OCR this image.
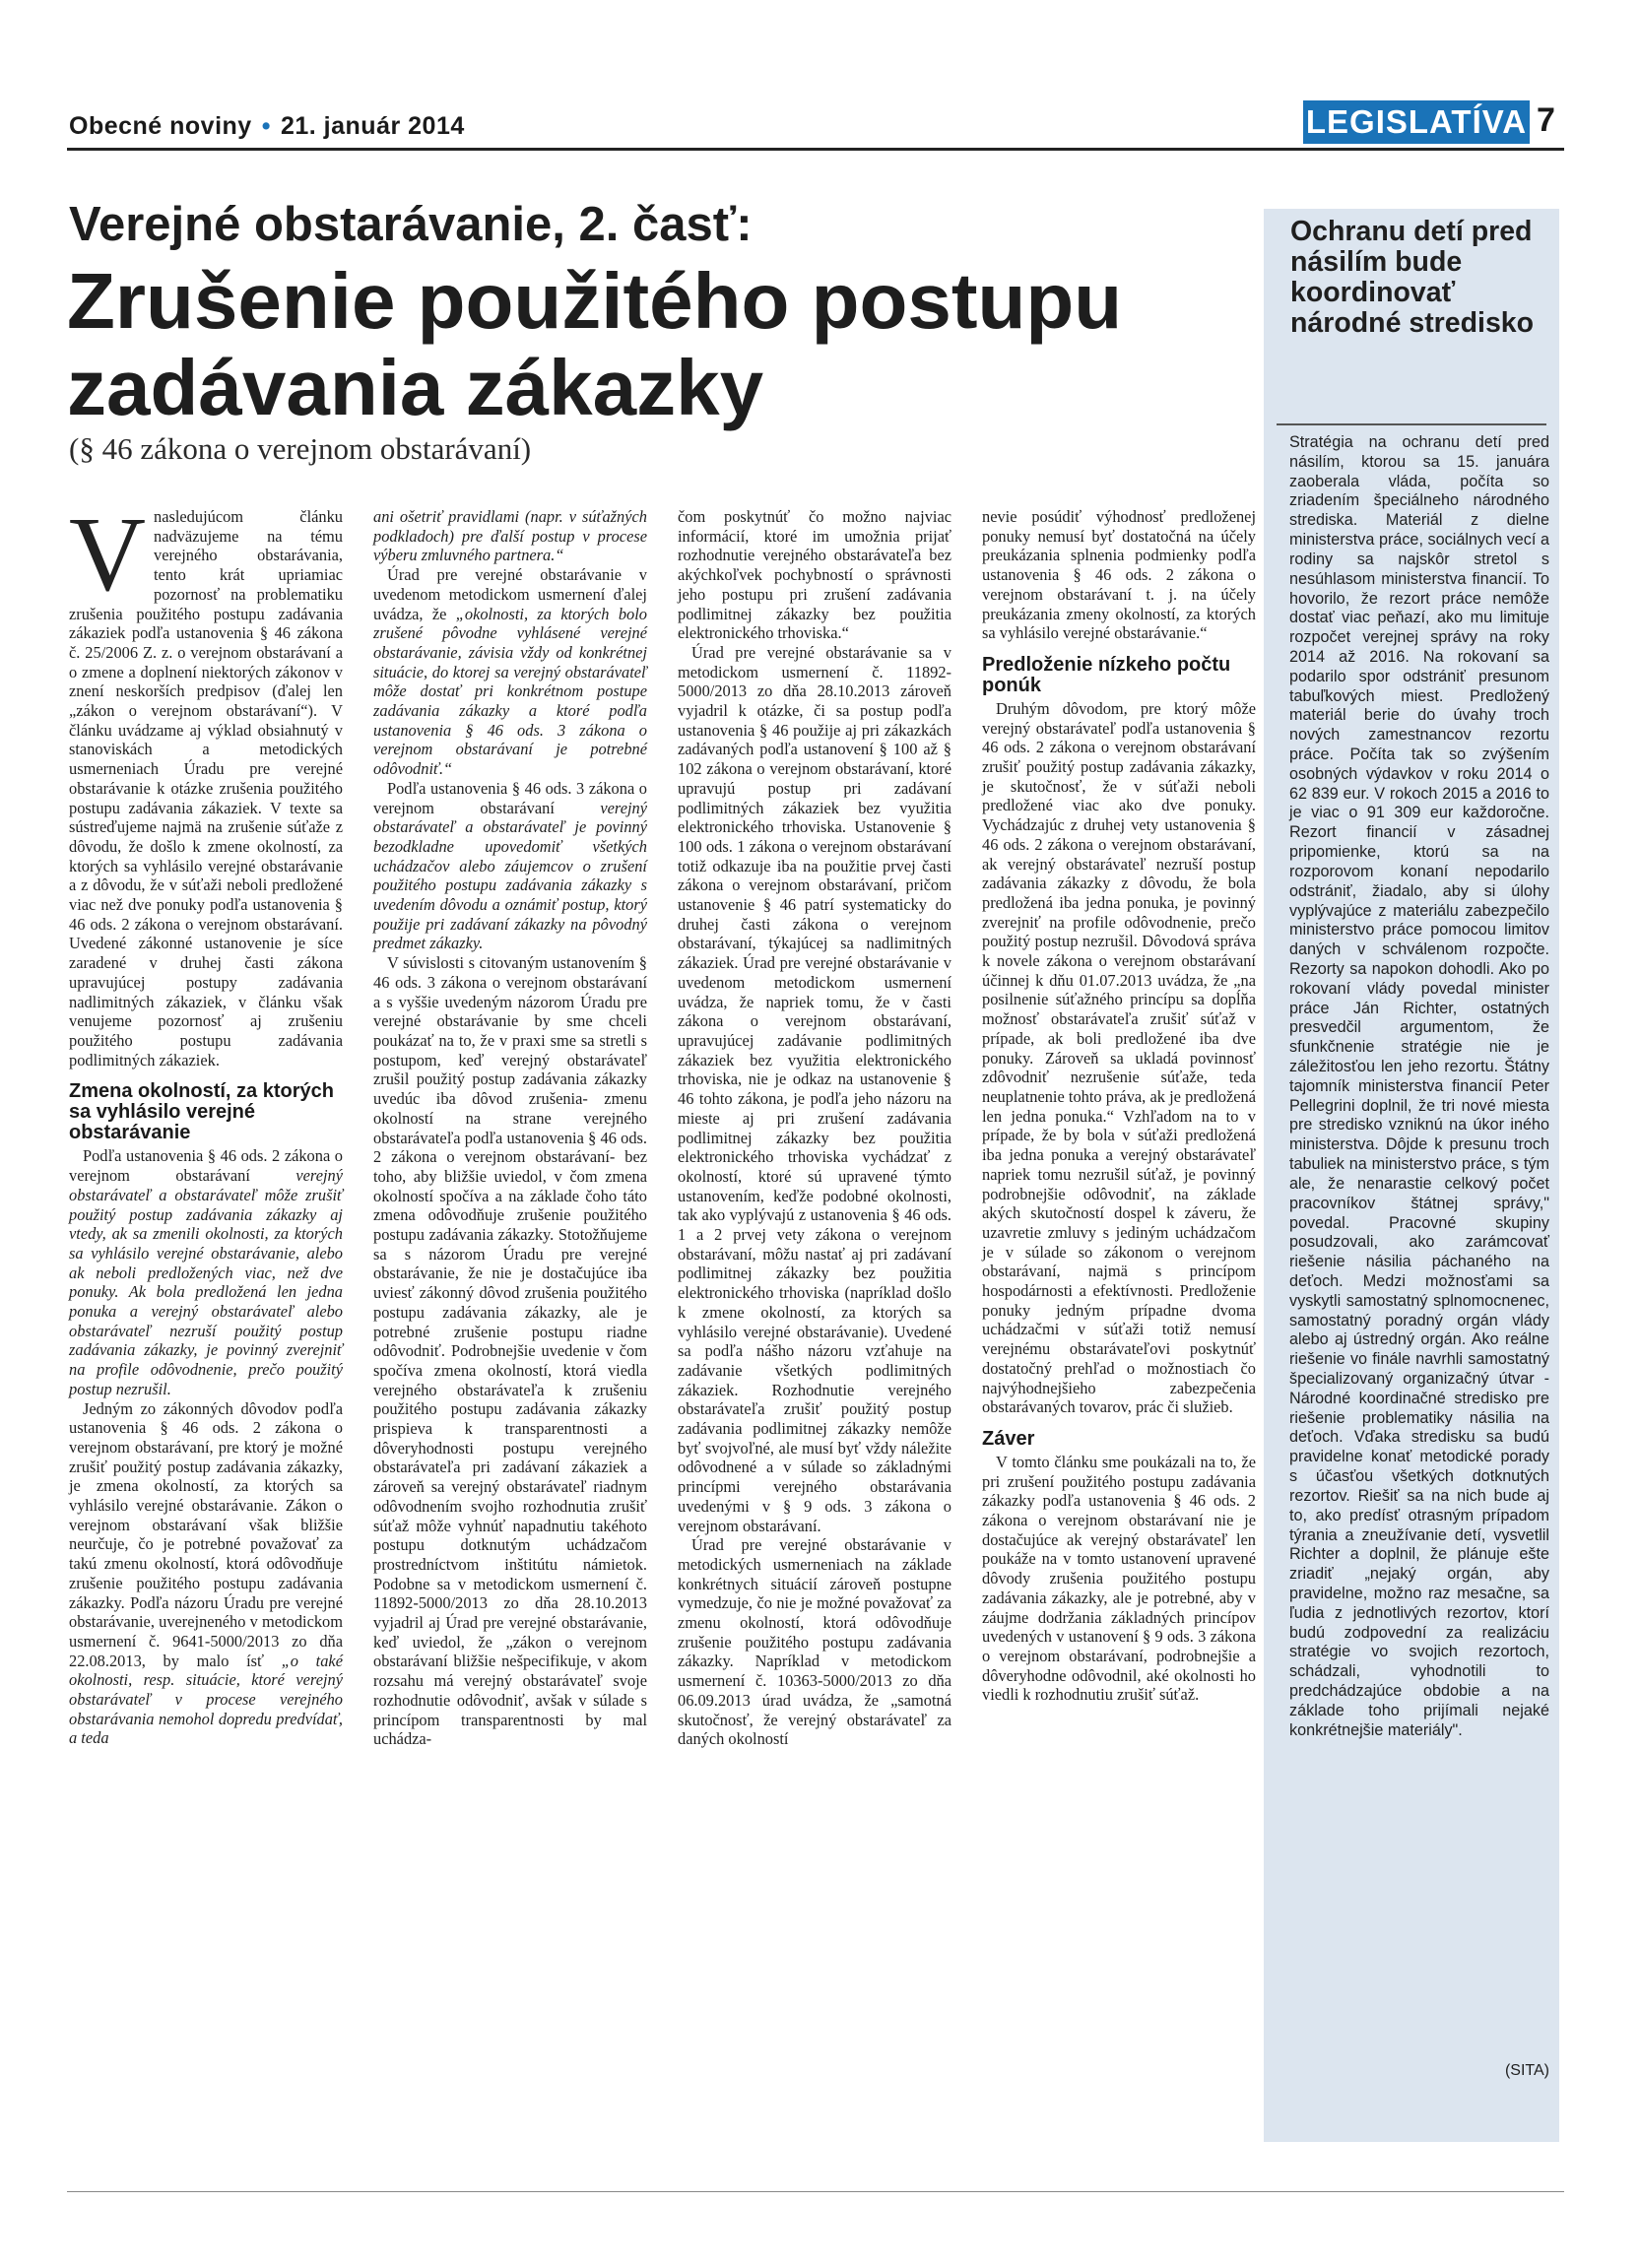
Obecné noviny • 21. január 2014	LEGISLATÍVA 7
Verejné obstarávanie, 2. časť:
Zrušenie použitého postupu zadávania zákazky
(§ 46 zákona o verejnom obstarávaní)
V nasledujúcom článku nadväzujeme na tému verejného obstarávania, tento krát upriamiac pozornosť na problematiku zrušenia použitého postupu zadávania zákaziek podľa ustanovenia § 46 zákona č. 25/2006 Z. z. o verejnom obstarávaní a o zmene a doplnení niektorých zákonov v znení neskorších predpisov (ďalej len „zákon o verejnom obstarávaní“). V článku uvádzame aj výklad obsiahnutý v stanoviskách a metodických usmerneniach Úradu pre verejné obstarávanie k otázke zrušenia použitého postupu zadávania zákaziek. V texte sa sústreďujeme najmä na zrušenie súťaže z dôvodu, že došlo k zmene okolností, za ktorých sa vyhlásilo verejné obstarávanie a z dôvodu, že v súťaži neboli predložené viac než dve ponuky podľa ustanovenia § 46 ods. 2 zákona o verejnom obstarávaní. Uvedené zákonné ustanovenie je síce zaradené v druhej časti zákona upravujúcej postupy zadávania nadlimitných zákaziek, v článku však venujeme pozornosť aj zrušeniu použitého postupu zadávania podlimitných zákaziek.

Zmena okolností, za ktorých sa vyhlásilo verejné obstarávanie

Podľa ustanovenia § 46 ods. 2 zákona o verejnom obstarávaní verejný obstarávateľ a obstarávateľ môže zrušiť použitý postup zadávania zákazky aj vtedy, ak sa zmenili okolnosti, za ktorých sa vyhlásilo verejné obstarávanie, alebo ak neboli predložených viac, než dve ponuky. Ak bola predložená len jedna ponuka a verejný obstarávateľ alebo obstarávateľ nezruší použitý postup zadávania zákazky, je povinný zverejniť na profile odôvodnenie, prečo použitý postup nezrušil.

Jedným zo zákonných dôvodov podľa ustanovenia § 46 ods. 2 zákona o verejnom obstarávaní, pre ktorý je možné zrušiť použitý postup zadávania zákazky, je zmena okolností, za ktorých sa vyhlásilo verejné obstarávanie. Zákon o verejnom obstarávaní však bližšie neurčuje, čo je potrebné považovať za takú zmenu okolností, ktorá odôvodňuje zrušenie použitého postupu zadávania zákazky. Podľa názoru Úradu pre verejné obstarávanie, uverejneného v metodickom usmernení č. 9641-5000/2013 zo dňa 22.08.2013, by malo ísť „o také okolnosti, resp. situácie, ktoré verejný obstarávateľ v procese verejného obstarávania nemohol dopredu predvídať, a teda

ani ošetriť pravidlami (napr. v súťažných podkladoch) pre ďalší postup v procese výberu zmluvného partnera.“

Úrad pre verejné obstarávanie v uvedenom metodickom usmernení ďalej uvádza, že „okolnosti, za ktorých bolo zrušené pôvodne vyhlásené verejné obstarávanie, závisia vždy od konkrétnej situácie, do ktorej sa verejný obstarávateľ môže dostať pri konkrétnom postupe zadávania zákazky a ktoré podľa ustanovenia § 46 ods. 3 zákona o verejnom obstarávaní je potrebné odôvodniť.“

Podľa ustanovenia § 46 ods. 3 zákona o verejnom obstarávaní verejný obstarávateľ a obstarávateľ je povinný bezodkladne upovedomiť všetkých uchádzačov alebo záujemcov o zrušení použitého postupu zadávania zákazky s uvedením dôvodu a oznámiť postup, ktorý použije pri zadávaní zákazky na pôvodný predmet zákazky.

V súvislosti s citovaným ustanovením § 46 ods. 3 zákona o verejnom obstarávaní a s vyššie uvedeným názorom Úradu pre verejné obstarávanie by sme chceli poukázať na to, že v praxi sme sa stretli s postupom, keď verejný obstarávateľ zrušil použitý postup zadávania zákazky uvedúc iba dôvod zrušenia- zmenu okolností na strane verejného obstarávateľa podľa ustanovenia § 46 ods. 2 zákona o verejnom obstarávaní- bez toho, aby bližšie uviedol, v čom zmena okolností spočíva a na základe čoho táto zmena odôvodňuje zrušenie použitého postupu zadávania zákazky. Stotožňujeme sa s názorom Úradu pre verejné obstarávanie, že nie je dostačujúce iba uviesť zákonný dôvod zrušenia použitého postupu zadávania zákazky, ale je potrebné zrušenie postupu riadne odôvodniť. Podrobnejšie uvedenie v čom spočíva zmena okolností, ktorá viedla verejného obstarávateľa k zrušeniu použitého postupu zadávania zákazky prispieva k transparentnosti a dôveryhodnosti postupu verejného obstarávateľa pri zadávaní zákaziek a zároveň sa verejný obstarávateľ riadnym odôvodnením svojho rozhodnutia zrušiť súťaž môže vyhnúť napadnutiu takéhoto postupu dotknutým uchádzačom prostredníctvom inštitútu námietok. Podobne sa v metodickom usmernení č. 11892-5000/2013 zo dňa 28.10.2013 vyjadril aj Úrad pre verejné obstarávanie, keď uviedol, že „zákon o verejnom obstarávaní bližšie nešpecifikuje, v akom rozsahu má verejný obstarávateľ svoje rozhodnutie odôvodniť, avšak v súlade s princípom transparentnosti by mal uchádza-

čom poskytnúť čo možno najviac informácií, ktoré im umožnia prijať rozhodnutie verejného obstarávateľa bez akýchkoľvek pochybností o správnosti jeho postupu pri zrušení zadávania podlimitnej zákazky bez použitia elektronického trhoviska.“

Úrad pre verejné obstarávanie sa v metodickom usmernení č. 11892-5000/2013 zo dňa 28.10.2013 zároveň vyjadril k otázke, či sa postup podľa ustanovenia § 46 použije aj pri zákazkách zadávaných podľa ustanovení § 100 až § 102 zákona o verejnom obstarávaní, ktoré upravujú postup pri zadávaní podlimitných zákaziek bez využitia elektronického trhoviska. Ustanovenie § 100 ods. 1 zákona o verejnom obstarávaní totiž odkazuje iba na použitie prvej časti zákona o verejnom obstarávaní, pričom ustanovenie § 46 patrí systematicky do druhej časti zákona o verejnom obstarávaní, týkajúcej sa nadlimitných zákaziek. Úrad pre verejné obstarávanie v uvedenom metodickom usmernení uvádza, že napriek tomu, že v časti zákona o verejnom obstarávaní, upravujúcej zadávanie podlimitných zákaziek bez využitia elektronického trhoviska, nie je odkaz na ustanovenie § 46 tohto zákona, je podľa jeho názoru na mieste aj pri zrušení zadávania podlimitnej zákazky bez použitia elektronického trhoviska vychádzať z okolností, ktoré sú upravené týmto ustanovením, keďže podobné okolnosti, tak ako vyplývajú z ustanovenia § 46 ods. 1 a 2 prvej vety zákona o verejnom obstarávaní, môžu nastať aj pri zadávaní podlimitnej zákazky bez použitia elektronického trhoviska (napríklad došlo k zmene okolností, za ktorých sa vyhlásilo verejné obstarávanie). Uvedené sa podľa nášho názoru vzťahuje na zadávanie všetkých podlimitných zákaziek. Rozhodnutie verejného obstarávateľa zrušiť použitý postup zadávania podlimitnej zákazky nemôže byť svojvoľné, ale musí byť vždy náležite odôvodnené a v súlade so základnými princípmi verejného obstarávania uvedenými v § 9 ods. 3 zákona o verejnom obstarávaní.

Úrad pre verejné obstarávanie v metodických usmerneniach na základe konkrétnych situácií zároveň postupne vymedzuje, čo nie je možné považovať za zmenu okolností, ktorá odôvodňuje zrušenie použitého postupu zadávania zákazky. Napríklad v metodickom usmernení č. 10363-5000/2013 zo dňa 06.09.2013 úrad uvádza, že „samotná skutočnosť, že verejný obstarávateľ za daných okolností

nevie posúdiť výhodnosť predloženej ponuky nemusí byť dostatočná na účely preukázania splnenia podmienky podľa ustanovenia § 46 ods. 2 zákona o verejnom obstarávaní t. j. na účely preukázania zmeny okolností, za ktorých sa vyhlásilo verejné obstarávanie.“

Predloženie nízkeho počtu ponúk

Druhým dôvodom, pre ktorý môže verejný obstarávateľ podľa ustanovenia § 46 ods. 2 zákona o verejnom obstarávaní zrušiť použitý postup zadávania zákazky, je skutočnosť, že v súťaži neboli predložené viac ako dve ponuky. Vychádzajúc z druhej vety ustanovenia § 46 ods. 2 zákona o verejnom obstarávaní, ak verejný obstarávateľ nezruší postup zadávania zákazky z dôvodu, že bola predložená iba jedna ponuka, je povinný zverejniť na profile odôvodnenie, prečo použitý postup nezrušil. Dôvodová správa k novele zákona o verejnom obstarávaní účinnej k dňu 01.07.2013 uvádza, že „na posilnenie súťažného princípu sa dopĺňa možnosť obstarávateľa zrušiť súťaž v prípade, ak boli predložené iba dve ponuky. Zároveň sa ukladá povinnosť zdôvodniť nezrušenie súťaže, teda neuplatnenie tohto práva, ak je predložená len jedna ponuka.“ Vzhľadom na to v prípade, že by bola v súťaži predložená iba jedna ponuka a verejný obstarávateľ napriek tomu nezrušil súťaž, je povinný podrobnejšie odôvodniť, na základe akých skutočností dospel k záveru, že uzavretie zmluvy s jediným uchádzačom je v súlade so zákonom o verejnom obstarávaní, najmä s princípom hospodárnosti a efektívnosti. Predloženie ponuky jedným prípadne dvoma uchádzačmi v súťaži totiž nemusí verejnému obstarávateľovi poskytnúť dostatočný prehľad o možnostiach čo najvýhodnejšieho zabezpečenia obstarávaných tovarov, prác či služieb.

Záver

V tomto článku sme poukázali na to, že pri zrušení použitého postupu zadávania zákazky podľa ustanovenia § 46 ods. 2 zákona o verejnom obstarávaní nie je dostačujúce ak verejný obstarávateľ len poukáže na v tomto ustanovení upravené dôvody zrušenia použitého postupu zadávania zákazky, ale je potrebné, aby v záujme dodržania základných princípov uvedených v ustanovení § 9 ods. 3 zákona o verejnom obstarávaní, podrobnejšie a dôveryhodne odôvodnil, aké okolnosti ho viedli k rozhodnutiu zrušiť súťaž.

Ochranu detí pred násilím bude koordinovať národné stredisko
Stratégia na ochranu detí pred násilím, ktorou sa 15. januára zaoberala vláda, počíta so zriadením špeciálneho národného strediska. Materiál z dielne ministerstva práce, sociálnych vecí a rodiny sa najskôr stretol s nesúhlasom ministerstva financií. To hovorilo, že rezort práce nemôže dostať viac peňazí, ako mu limituje rozpočet verejnej správy na roky 2014 až 2016. Na rokovaní sa podarilo spor odstrániť presunom tabuľkových miest. Predložený materiál berie do úvahy troch nových zamestnancov rezortu práce. Počíta tak so zvýšením osobných výdavkov v roku 2014 o 62 839 eur. V rokoch 2015 a 2016 to je viac o 91 309 eur každoročne. Rezort financií v zásadnej pripomienke, ktorú sa na rozporovom konaní nepodarilo odstrániť, žiadalo, aby si úlohy vyplývajúce z materiálu zabezpečilo ministerstvo práce pomocou limitov daných v schválenom rozpočte. Rezorty sa napokon dohodli. Ako po rokovaní vlády povedal minister práce Ján Richter, ostatných presvedčil argumentom, že sfunkčnenie stratégie nie je záležitosťou len jeho rezortu. Štátny tajomník ministerstva financií Peter Pellegrini doplnil, že tri nové miesta pre stredisko vzniknú na úkor iného ministerstva. Dôjde k presunu troch tabuliek na ministerstvo práce, s tým ale, že nenarastie celkový počet pracovníkov štátnej správy," povedal. Pracovné skupiny posudzovali, ako zarámcovať riešenie násilia páchaného na deťoch. Medzi možnosťami sa vyskytli samostatný splnomocnenec, samostatný poradný orgán vlády alebo aj ústredný orgán. Ako reálne riešenie vo finále navrhli samostatný špecializovaný organizačný útvar - Národné koordinačné stredisko pre riešenie problematiky násilia na deťoch. Vďaka stredisku sa budú pravidelne konať metodické porady s účasťou všetkých dotknutých rezortov. Riešiť sa na nich bude aj to, ako predísť otrasným prípadom týrania a zneužívanie detí, vysvetlil Richter a doplnil, že plánuje ešte zriadiť „nejaký orgán, aby pravidelne, možno raz mesačne, sa ľudia z jednotlivých rezortov, ktorí budú zodpovední za realizáciu stratégie vo svojich rezortoch, schádzali, vyhodnotili to predchádzajúce obdobie a na základe toho prijímali nejaké konkrétnejšie materiály".
(SITA)
